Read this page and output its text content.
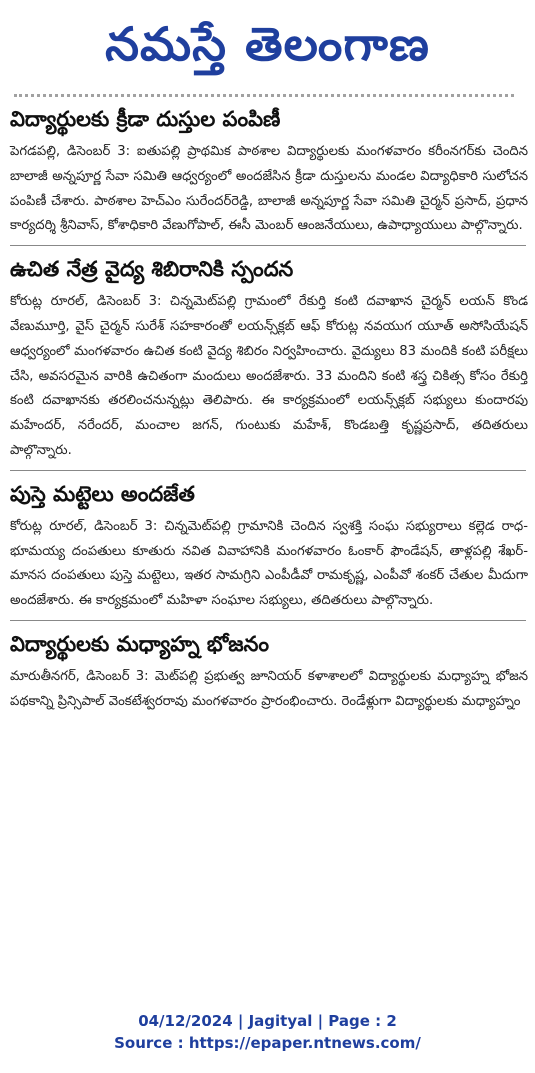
నమస్తే తెలంగాణ
విద్యార్థులకు క్రీడా దుస్తుల పంపిణీ

పెగడపల్లి, డిసెంబర్ 3: ఐతుపల్లి ప్రాథమిక పాఠశాల విద్యార్థులకు మంగళవారం కరీంనగర్‌కు చెందిన బాలాజీ అన్నపూర్ణ సేవా సమితి ఆధ్వర్యంలో అందజేసిన క్రీడా దుస్తులను మండల విద్యాధికారి సులోచన పంపిణీ చేశారు. పాఠశాల హెచ్‌ఎం సురేందర్‌రెడ్డి, బాలాజీ అన్నపూర్ణ సేవా సమితి చైర్మన్ ప్రసాద్, ప్రధాన కార్యదర్శి శ్రీనివాస్, కోశాధికారి వేణుగోపాల్, ఈసీ మెంబర్ ఆంజనేయులు, ఉపాధ్యాయులు పాల్గొన్నారు.

ఉచిత నేత్ర వైద్య శిబిరానికి స్పందన

కోరుట్ల రూరల్, డిసెంబర్ 3: చిన్నమెట్‌పల్లి గ్రామంలో రేకుర్తి కంటి దవాఖాన చైర్మన్ లయన్ కొండ వేణుమూర్తి, వైస్ చైర్మన్ సురేశ్ సహకారంతో లయన్స్‌క్లబ్ ఆఫ్ కోరుట్ల నవయుగ యూత్ అసోసియేషన్ ఆధ్వర్యంలో మంగళవారం ఉచిత కంటి వైద్య శిబిరం నిర్వహించారు. వైద్యులు 83 మందికి కంటి పరీక్షలు చేసి, అవసరమైన వారికి ఉచితంగా మందులు అందజేశారు. 33 మందిని కంటి శస్త్ర చికిత్స కోసం రేకుర్తి కంటి దవాఖానకు తరలించనున్నట్లు తెలిపారు. ఈ కార్యక్రమంలో లయన్స్‌క్లబ్ సభ్యులు కుందారపు మహేందర్, నరేందర్, మంచాల జగన్, గుంటుకు మహేశ్, కొండబత్తి కృష్ణప్రసాద్, తదితరులు పాల్గొన్నారు.

పుస్తె మట్టెలు అందజేత

కోరుట్ల రూరల్, డిసెంబర్ 3: చిన్నమెట్‌పల్లి గ్రామానికి చెందిన స్వశక్తి సంఘ సభ్యురాలు కల్లెడ రాధ-భూమయ్య దంపతులు కూతురు నవిత వివాహానికి మంగళవారం ఓంకార్ ఫౌండేషన్, తాళ్లపల్లి శేఖర్-మానస దంపతులు పుస్తె మట్టెలు, ఇతర సామగ్రిని ఎంపీడీవో రామకృష్ణ, ఎంపీవో శంకర్ చేతుల మీదుగా అందజేశారు. ఈ కార్యక్రమంలో మహిళా సంఘాల సభ్యులు, తదితరులు పాల్గొన్నారు.

విద్యార్థులకు మధ్యాహ్న భోజనం

మారుతీనగర్, డిసెంబర్ 3: మెట్‌పల్లి ప్రభుత్వ జూనియర్ కళాశాలలో విద్యార్థులకు మధ్యాహ్న భోజన పథకాన్ని ప్రిన్సిపాల్ వెంకటేశ్వరరావు మంగళవారం ప్రారంభించారు. రెండేళ్లుగా విద్యార్థులకు మధ్యాహ్నం

04/12/2024 | Jagityal | Page : 2
Source : https://epaper.ntnews.com/
